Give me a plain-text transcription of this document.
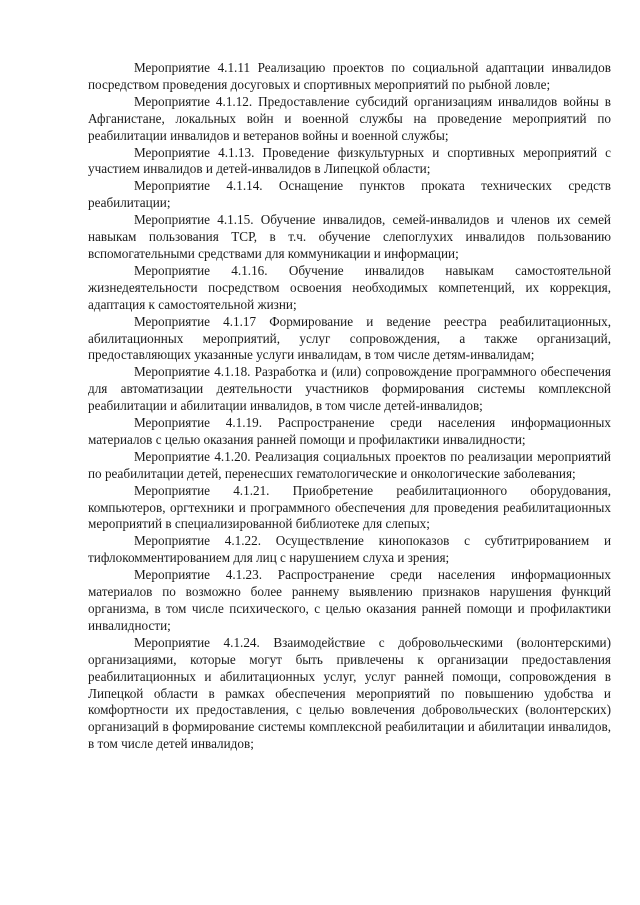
Мероприятие 4.1.11 Реализацию проектов по социальной адаптации инвалидов посредством проведения досуговых и спортивных мероприятий по рыбной ловле;

Мероприятие 4.1.12. Предоставление субсидий организациям инвалидов войны в Афганистане, локальных войн и военной службы на проведение мероприятий по реабилитации инвалидов и ветеранов войны и военной службы;

Мероприятие 4.1.13. Проведение физкультурных и спортивных мероприятий с участием инвалидов и детей-инвалидов в Липецкой области;

Мероприятие 4.1.14. Оснащение пунктов проката технических средств реабилитации;

Мероприятие 4.1.15. Обучение инвалидов, семей-инвалидов и членов их семей навыкам пользования ТСР, в т.ч. обучение слепоглухих инвалидов пользованию вспомогательными средствами для коммуникации и информации;

Мероприятие 4.1.16. Обучение инвалидов навыкам самостоятельной жизнедеятельности посредством освоения необходимых компетенций, их коррекция, адаптация к самостоятельной жизни;

Мероприятие 4.1.17 Формирование и ведение реестра реабилитационных, абилитационных мероприятий, услуг сопровождения, а также организаций, предоставляющих указанные услуги инвалидам, в том числе детям-инвалидам;

Мероприятие 4.1.18. Разработка и (или) сопровождение программного обеспечения для автоматизации деятельности участников формирования системы комплексной реабилитации и абилитации инвалидов, в том числе детей-инвалидов;

Мероприятие 4.1.19. Распространение среди населения информационных материалов с целью оказания ранней помощи и профилактики инвалидности;

Мероприятие 4.1.20. Реализация социальных проектов по реализации мероприятий по реабилитации детей, перенесших гематологические и онкологические заболевания;

Мероприятие 4.1.21. Приобретение реабилитационного оборудования, компьютеров, оргтехники и программного обеспечения для проведения реабилитационных мероприятий в специализированной библиотеке для слепых;

Мероприятие 4.1.22. Осуществление кинопоказов с субтитрированием и тифлокомментированием для лиц с нарушением слуха и зрения;

Мероприятие 4.1.23. Распространение среди населения информационных материалов по возможно более раннему выявлению признаков нарушения функций организма, в том числе психического, с целью оказания ранней помощи и профилактики инвалидности;

Мероприятие 4.1.24. Взаимодействие с добровольческими (волонтерскими) организациями, которые могут быть привлечены к организации предоставления реабилитационных и абилитационных услуг, услуг ранней помощи, сопровождения в Липецкой области в рамках обеспечения мероприятий по повышению удобства и комфортности их предоставления, с целью вовлечения добровольческих (волонтерских) организаций в формирование системы комплексной реабилитации и абилитации инвалидов, в том числе детей инвалидов;
